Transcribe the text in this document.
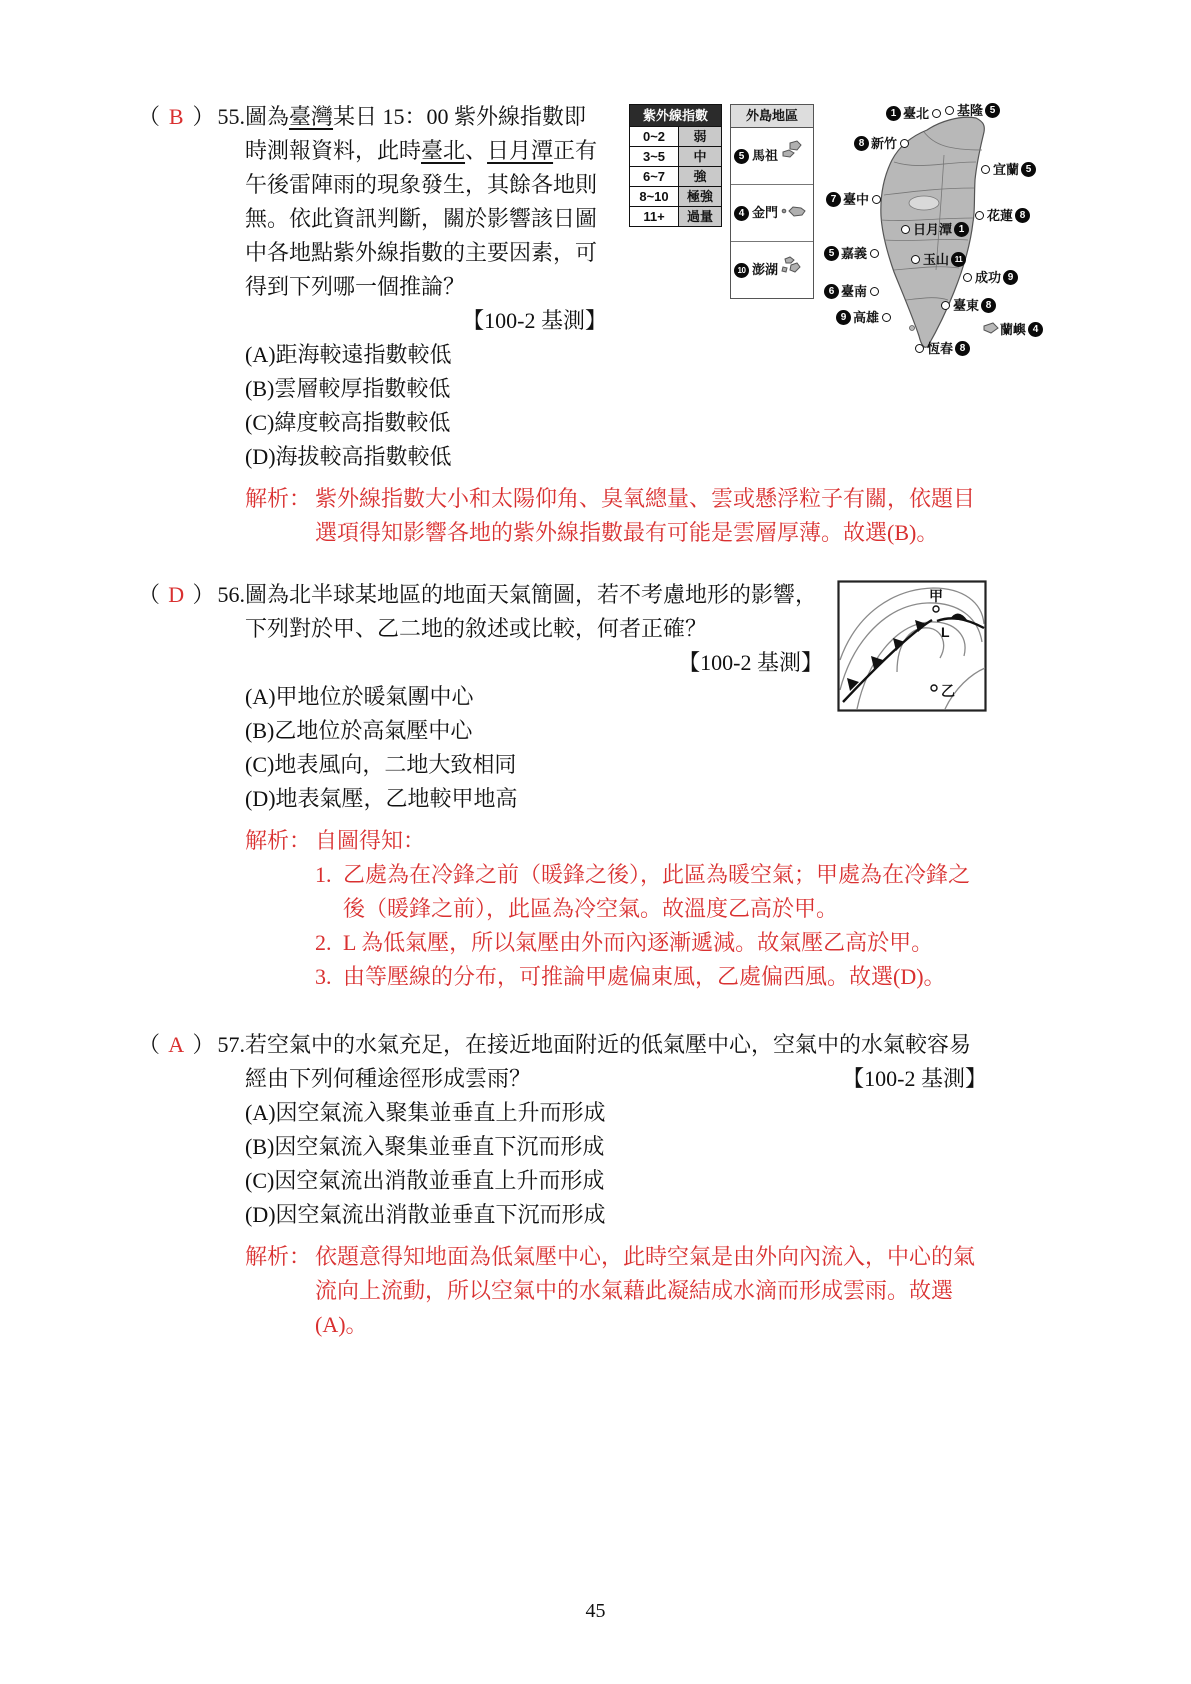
（ B ） 55. 圖為臺灣某日 15：00 紫外線指數即時測報資料，此時臺北、日月潭正有午後雷陣雨的現象發生，其餘各地則無。依此資訊判斷，關於影響該日圖中各地點紫外線指數的主要因素，可得到下列哪一個推論？
【100-2 基測】
(A)距海較遠指數較低
(B)雲層較厚指數較低
(C)緯度較高指數較低
(D)海拔較高指數較低
紫外線指數	
0~2	弱
3~5	中
6~7	強
8~10	極強
11+	過量
外島地區
5 馬祖
4 金門
10 澎湖
1 臺北 基隆 5
8 新竹
宜蘭 5
7 臺中
花蓮 8
日月潭 1
5 嘉義	玉山 11
成功 9
6 臺南
臺東 8
9 高雄
蘭嶼 4
恆春 8
解析： 紫外線指數大小和太陽仰角、臭氧總量、雲或懸浮粒子有關，依題目選項得知影響各地的紫外線指數最有可能是雲層厚薄。故選(B)。
（ D ） 56.	甲
L
乙
圖為北半球某地區的地面天氣簡圖，若不考慮地形的影響，下列對於甲、乙二地的敘述或比較，何者正確？
【100-2 基測】
(A)甲地位於暖氣團中心
(B)乙地位於高氣壓中心
(C)地表風向，二地大致相同
(D)地表氣壓，乙地較甲地高
解析： 自圖得知：
1. 乙處為在冷鋒之前（暖鋒之後），此區為暖空氣；甲處為在冷鋒之後（暖鋒之前），此區為冷空氣。故溫度乙高於甲。
2. L 為低氣壓，所以氣壓由外而內逐漸遞減。故氣壓乙高於甲。
3. 由等壓線的分布，可推論甲處偏東風，乙處偏西風。故選(D)。
（ A ） 57. 若空氣中的水氣充足，在接近地面附近的低氣壓中心，空氣中的水氣較容易經由下列何種途徑形成雲雨？	【100-2 基測】
(A)因空氣流入聚集並垂直上升而形成
(B)因空氣流入聚集並垂直下沉而形成
(C)因空氣流出消散並垂直上升而形成
(D)因空氣流出消散並垂直下沉而形成
解析： 依題意得知地面為低氣壓中心，此時空氣是由外向內流入，中心的氣流向上流動，所以空氣中的水氣藉此凝結成水滴而形成雲雨。故選(A)。
45
